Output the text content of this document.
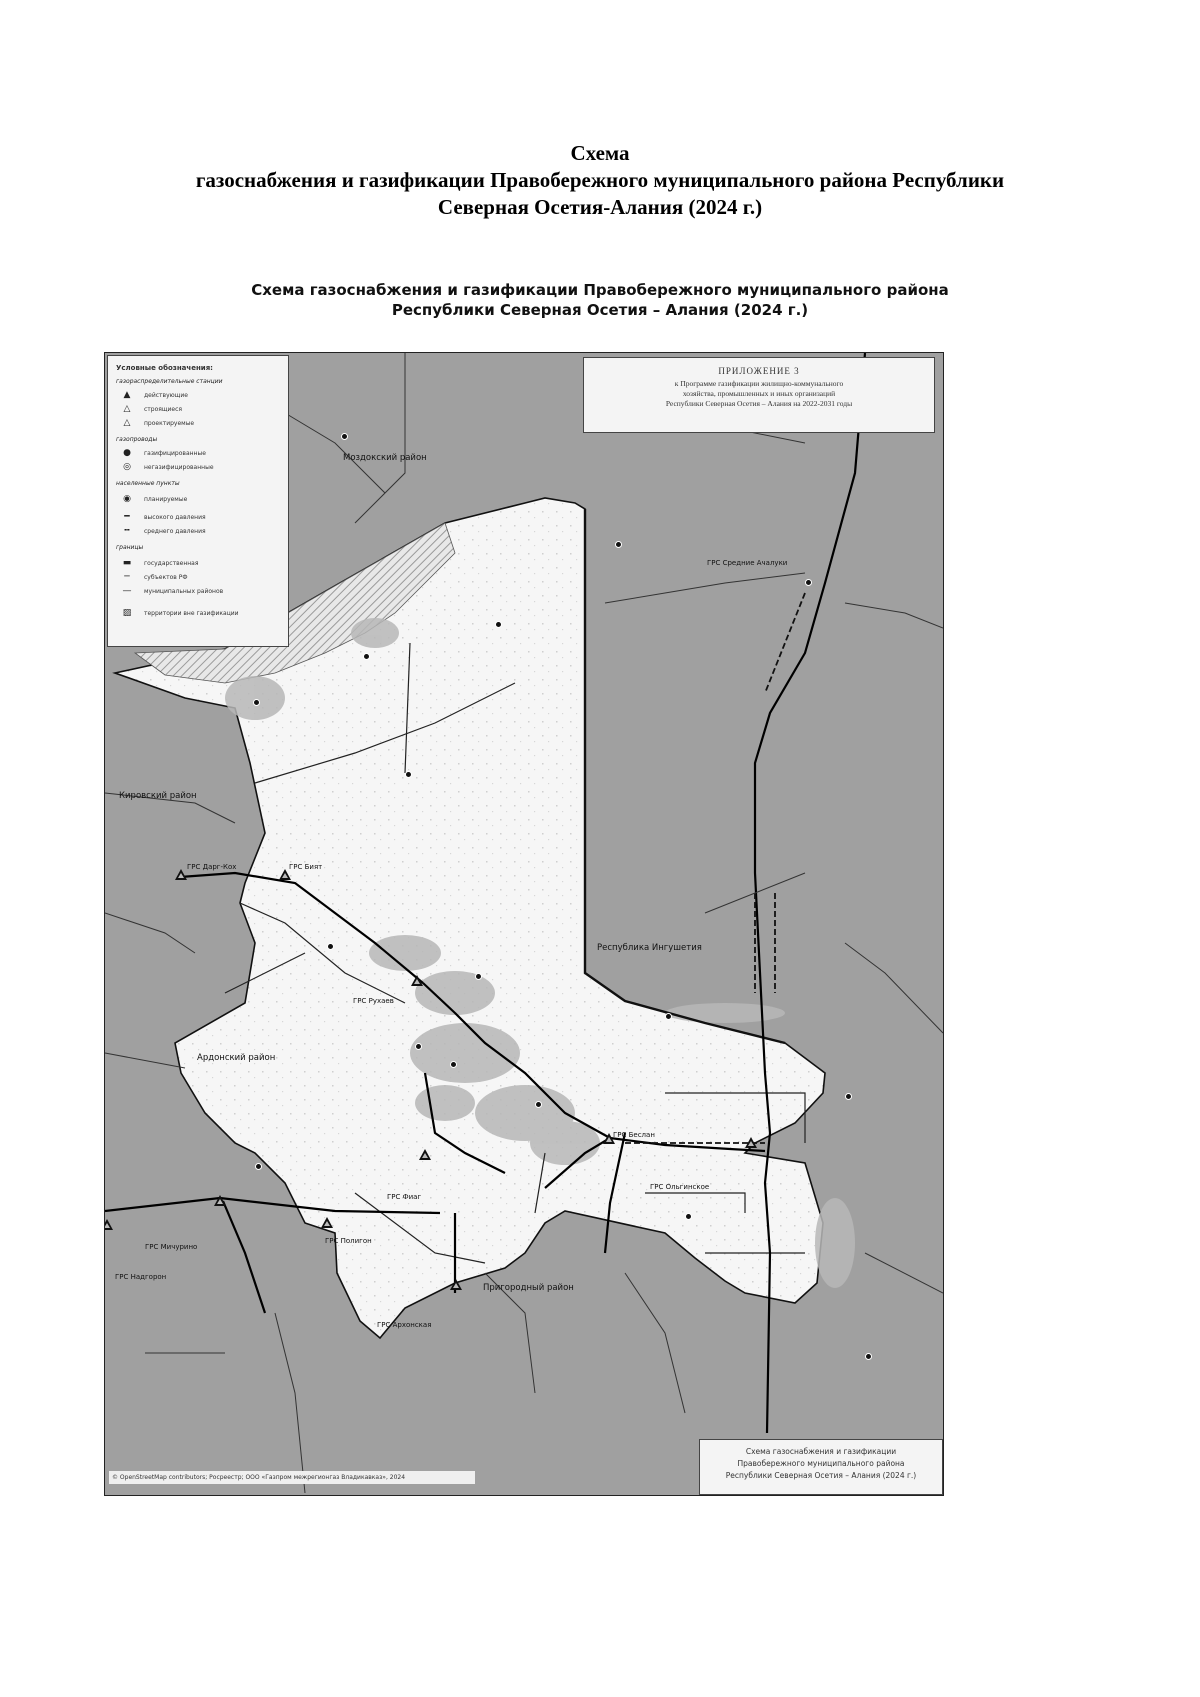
Схема
газоснабжения и газификации Правобережного муниципального района Республики
Северная Осетия-Алания (2024 г.)
Схема газоснабжения и газификации Правобережного муниципального района
Республики Северная Осетия – Алания (2024 г.)
Условные обозначения:
газораспределительные станции
▲	действующие
△	строящиеся
△	проектируемые
газопроводы
●	газифицированные
◎	негазифицированные
населенные пункты
◉	планируемые
━	высокого давления
╍	среднего давления
границы
▬	государственная
─	субъектов РФ
—	муниципальных районов
▨	территории вне газификации
ПРИЛОЖЕНИЕ 3
к Программе газификации жилищно-коммунального
хозяйства, промышленных и иных организаций
Республики Северная Осетия – Алания на 2022-2031 годы
Моздокский район
Кировский район
Ардонский район
Республика Ингушетия
Пригородный район
ГРС Средние Ачалуки
ГРС Дарг-Кох	ГРС Бият
ГРС Рухаев
ГРС Беслан
ГРС Фиаг
ГРС Ольгинское
ГРС Мичурино
ГРС Полигон
ГРС Надгорон
ГРС Архонская
Схема газоснабжения и газификации
Правобережного муниципального района
Республики Северная Осетия – Алания (2024 г.)
© OpenStreetMap contributors; Росреестр; ООО «Газпром межрегионгаз Владикавказ», 2024
